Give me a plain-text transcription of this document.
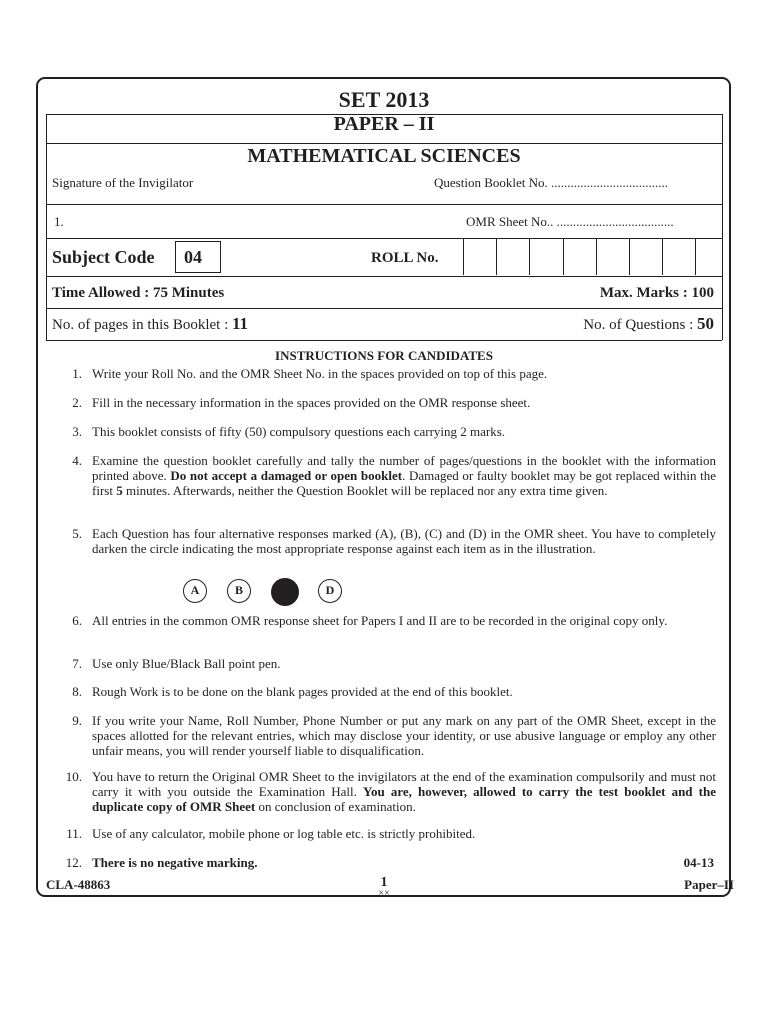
SET 2013
PAPER – II
MATHEMATICAL SCIENCES
Signature of the Invigilator	Question Booklet No. ....................................
1.	OMR Sheet No.. ....................................
Subject Code	04	ROLL No.
Time Allowed : 75 Minutes	Max. Marks : 100
No. of pages in this Booklet : 11	No. of Questions : 50
INSTRUCTIONS FOR CANDIDATES
1. Write your Roll No. and the OMR Sheet No. in the spaces provided on top of this page.
2. Fill in the necessary information in the spaces provided on the OMR response sheet.
3. This booklet consists of fifty (50) compulsory questions each carrying 2 marks.
4. Examine the question booklet carefully and tally the number of pages/questions in the booklet with the information printed above. Do not accept a damaged or open booklet. Damaged or faulty booklet may be got replaced within the first 5 minutes. Afterwards, neither the Question Booklet will be replaced nor any extra time given.
5. Each Question has four alternative responses marked (A), (B), (C) and (D) in the OMR sheet. You have to completely darken the circle indicating the most appropriate response against each item as in the illustration.
A	B	D
6. All entries in the common OMR response sheet for Papers I and II are to be recorded in the original copy only.
7. Use only Blue/Black Ball point pen.
8. Rough Work is to be done on the blank pages provided at the end of this booklet.
9. If you write your Name, Roll Number, Phone Number or put any mark on any part of the OMR Sheet, except in the spaces allotted for the relevant entries, which may disclose your identity, or use abusive language or employ any other unfair means, you will render yourself liable to disqualification.
10. You have to return the Original OMR Sheet to the invigilators at the end of the examination compulsorily and must not carry it with you outside the Examination Hall. You are, however, allowed to carry the test booklet and the duplicate copy of OMR Sheet on conclusion of examination.
11. Use of any calculator, mobile phone or log table etc. is strictly prohibited.
12. There is no negative marking.	04-13
CLA-48863	1
××
Paper–II
